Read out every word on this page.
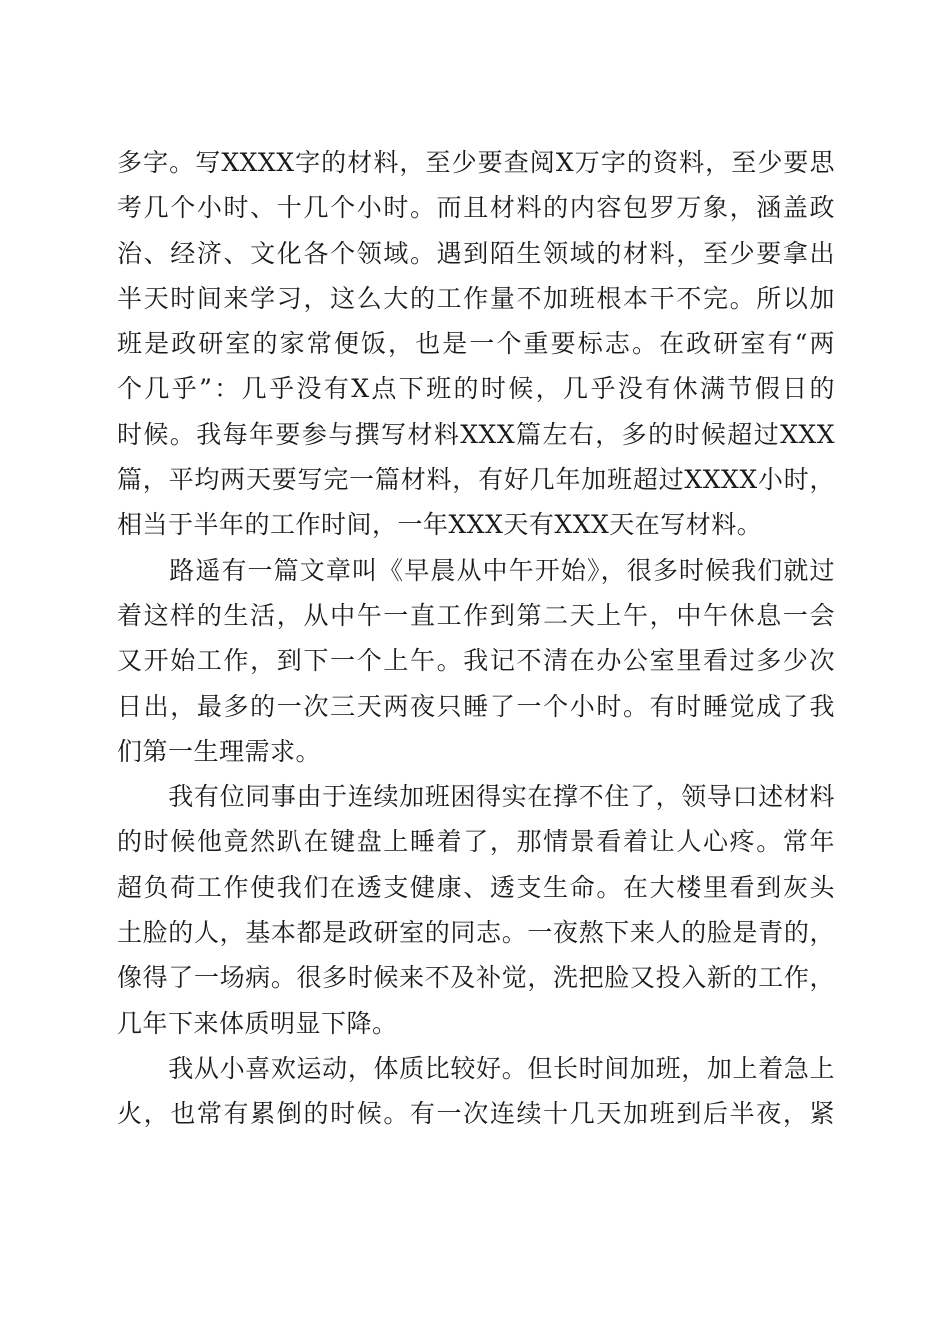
多字。写XXXX字的材料，至少要查阅X万字的资料，至少要思
考几个小时、十几个小时。而且材料的内容包罗万象，涵盖政
治、经济、文化各个领域。遇到陌生领域的材料，至少要拿出
半天时间来学习，这么大的工作量不加班根本干不完。所以加
班是政研室的家常便饭，也是一个重要标志。在政研室有“两
个几乎”：几乎没有X点下班的时候，几乎没有休满节假日的
时候。我每年要参与撰写材料XXX篇左右，多的时候超过XXX
篇，平均两天要写完一篇材料，有好几年加班超过XXXX小时，
相当于半年的工作时间，一年XXX天有XXX天在写材料。
　　路遥有一篇文章叫《早晨从中午开始》，很多时候我们就过
着这样的生活，从中午一直工作到第二天上午，中午休息一会
又开始工作，到下一个上午。我记不清在办公室里看过多少次
日出，最多的一次三天两夜只睡了一个小时。有时睡觉成了我
们第一生理需求。
　　我有位同事由于连续加班困得实在撑不住了，领导口述材料
的时候他竟然趴在键盘上睡着了，那情景看着让人心疼。常年
超负荷工作使我们在透支健康、透支生命。在大楼里看到灰头
土脸的人，基本都是政研室的同志。一夜熬下来人的脸是青的，
像得了一场病。很多时候来不及补觉，洗把脸又投入新的工作，
几年下来体质明显下降。
　　我从小喜欢运动，体质比较好。但长时间加班，加上着急上
火，也常有累倒的时候。有一次连续十几天加班到后半夜，紧
